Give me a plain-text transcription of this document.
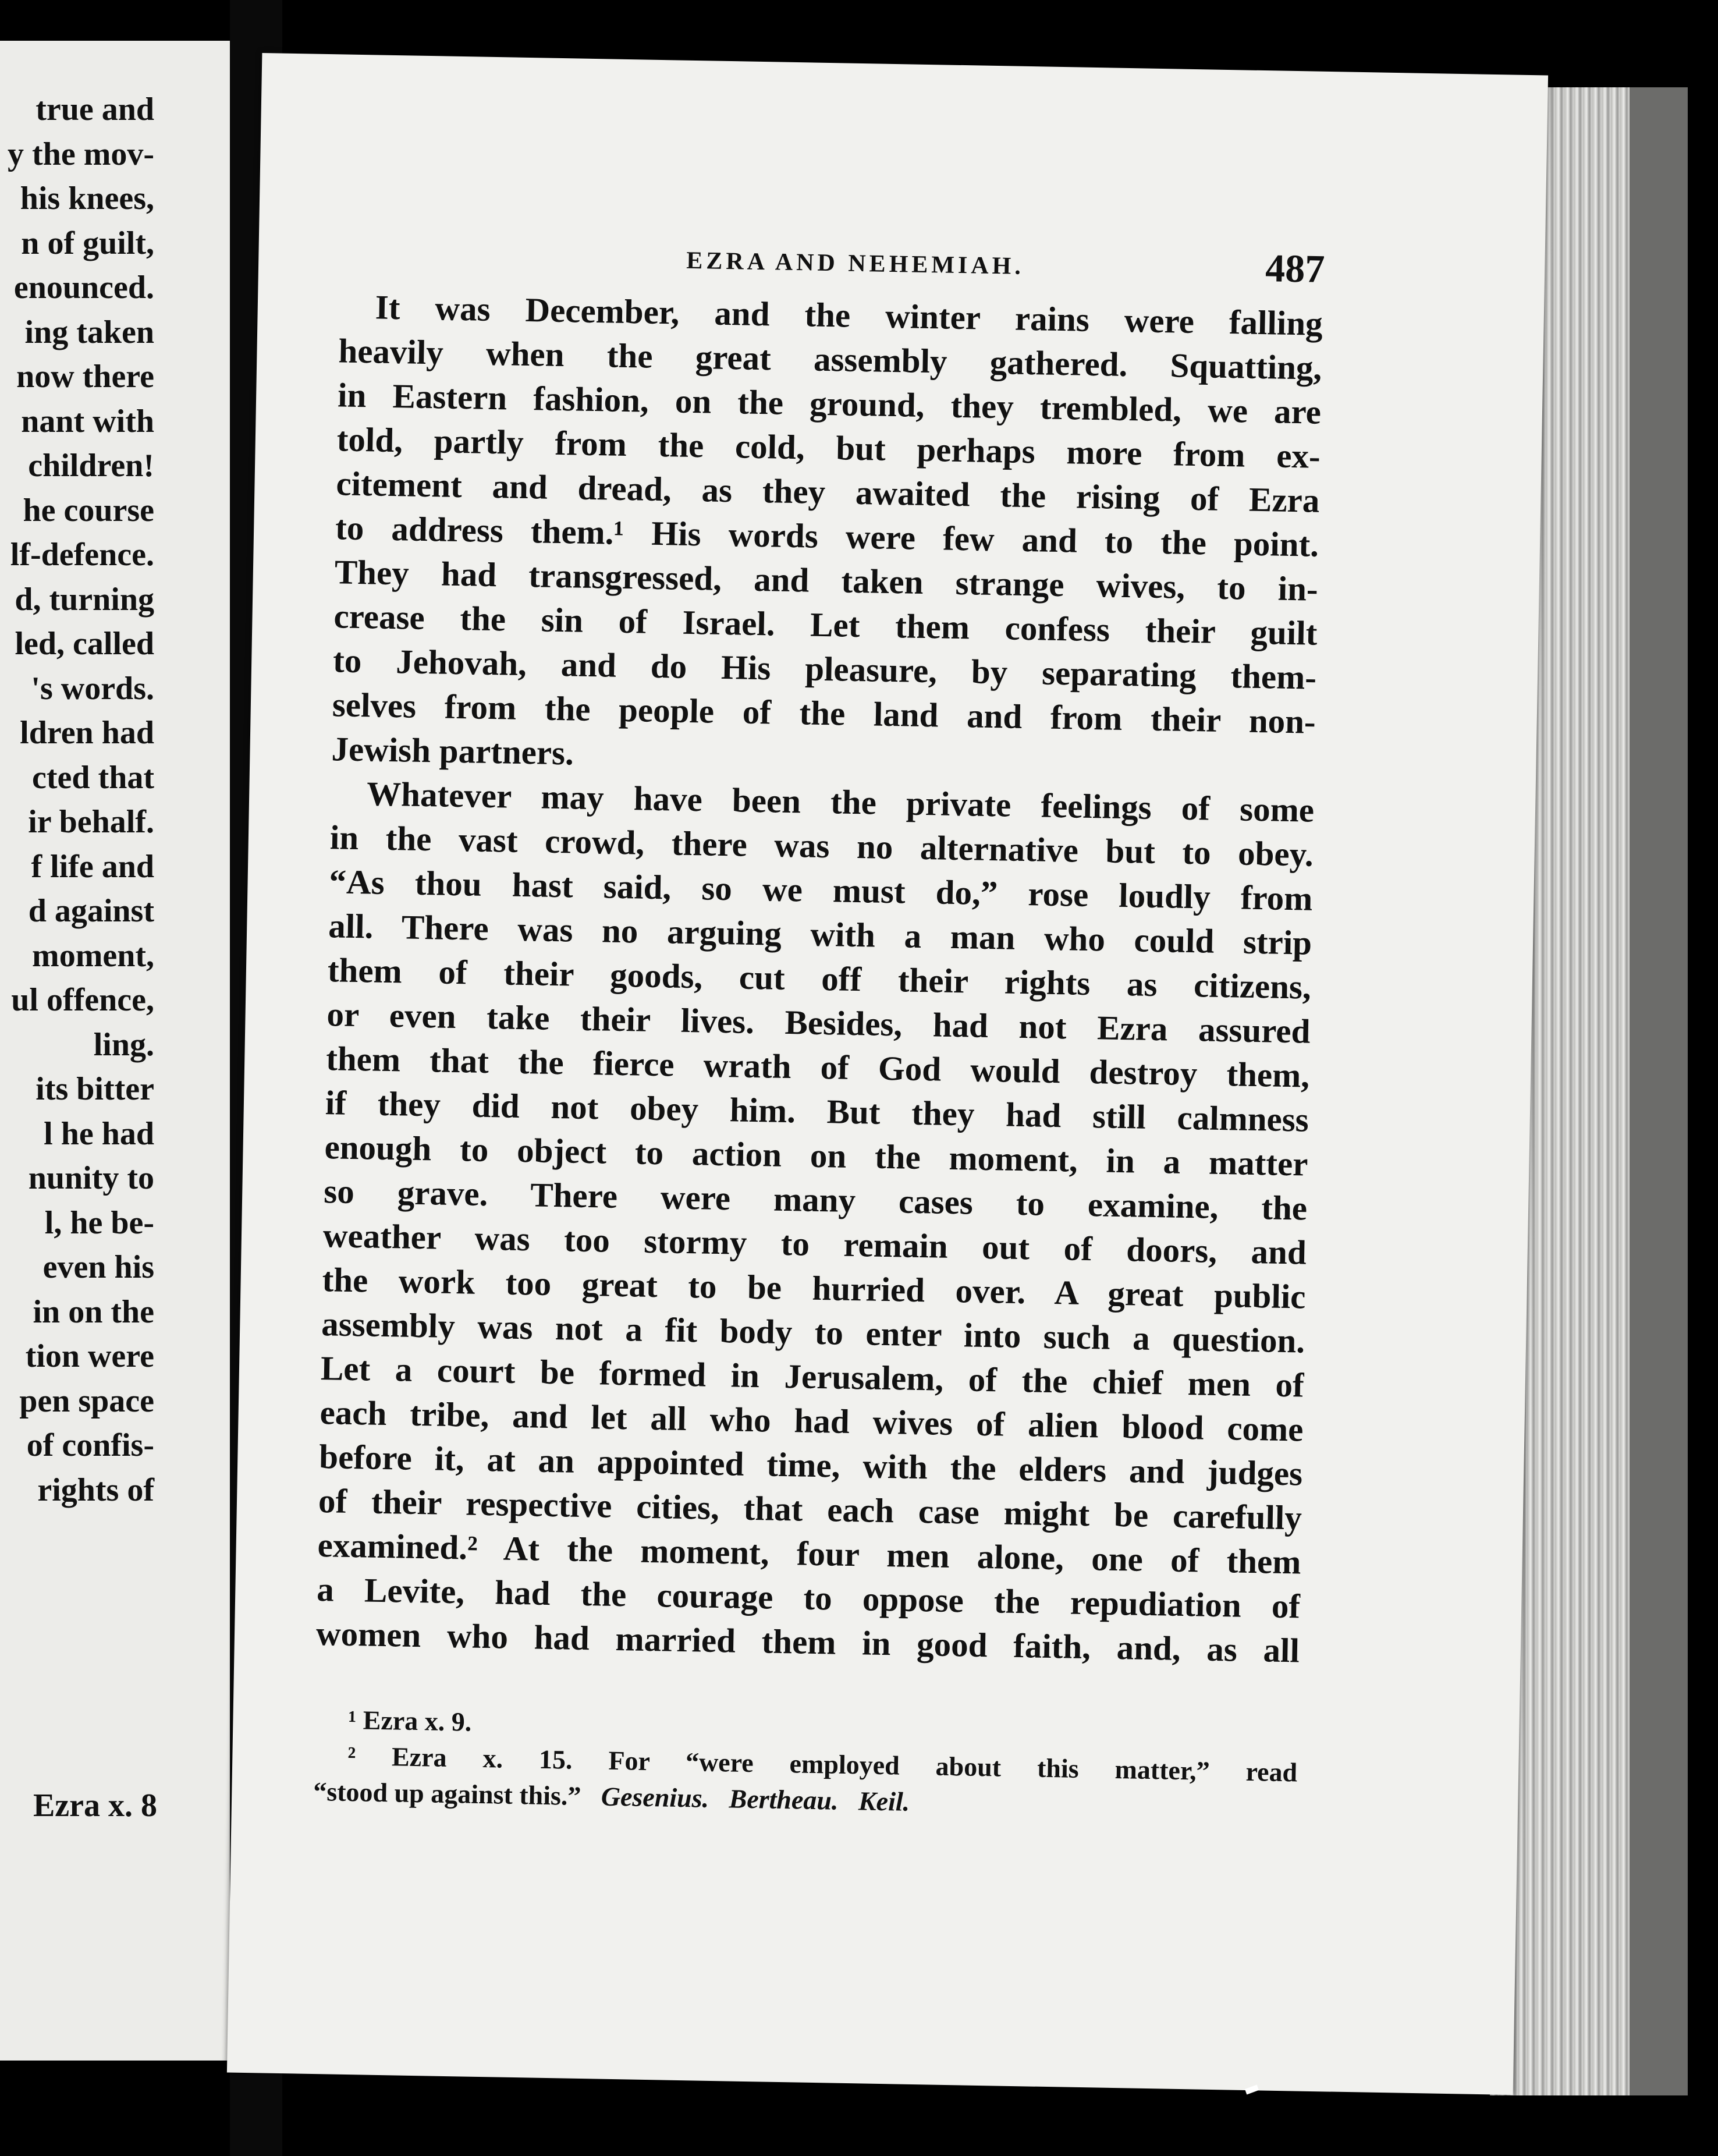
true and
y the mov-
his knees,
n of guilt,
enounced.
ing taken
now there
nant with
children!
he course
lf-defence.
d, turning
led, called
's words.
ldren had
cted that
ir behalf.
f life and
d against
moment,
ul offence,
ling.
its bitter
l he had
nunity to
l, he be-
even his
in on the
tion were
pen space
of confis-
rights of
Ezra x. 8
EZRA AND NEHEMIAH.	487
It was December, and the winter rains were falling
heavily when the great assembly gathered. Squatting,
in Eastern fashion, on the ground, they trembled, we are
told, partly from the cold, but perhaps more from ex-
citement and dread, as they awaited the rising of Ezra
to address them.¹ His words were few and to the point.
They had transgressed, and taken strange wives, to in-
crease the sin of Israel. Let them confess their guilt
to Jehovah, and do His pleasure, by separating them-
selves from the people of the land and from their non-
Jewish partners.
Whatever may have been the private feelings of some
in the vast crowd, there was no alternative but to obey.
“As thou hast said, so we must do,” rose loudly from
all. There was no arguing with a man who could strip
them of their goods, cut off their rights as citizens,
or even take their lives. Besides, had not Ezra assured
them that the fierce wrath of God would destroy them,
if they did not obey him. But they had still calmness
enough to object to action on the moment, in a matter
so grave. There were many cases to examine, the
weather was too stormy to remain out of doors, and
the work too great to be hurried over. A great public
assembly was not a fit body to enter into such a question.
Let a court be formed in Jerusalem, of the chief men of
each tribe, and let all who had wives of alien blood come
before it, at an appointed time, with the elders and judges
of their respective cities, that each case might be carefully
examined.² At the moment, four men alone, one of them
a Levite, had the courage to oppose the repudiation of
women who had married them in good faith, and, as all
¹ Ezra x. 9.
² Ezra x. 15. For “were employed about this matter,” read
“stood up against this.” Gesenius. Bertheau. Keil.
